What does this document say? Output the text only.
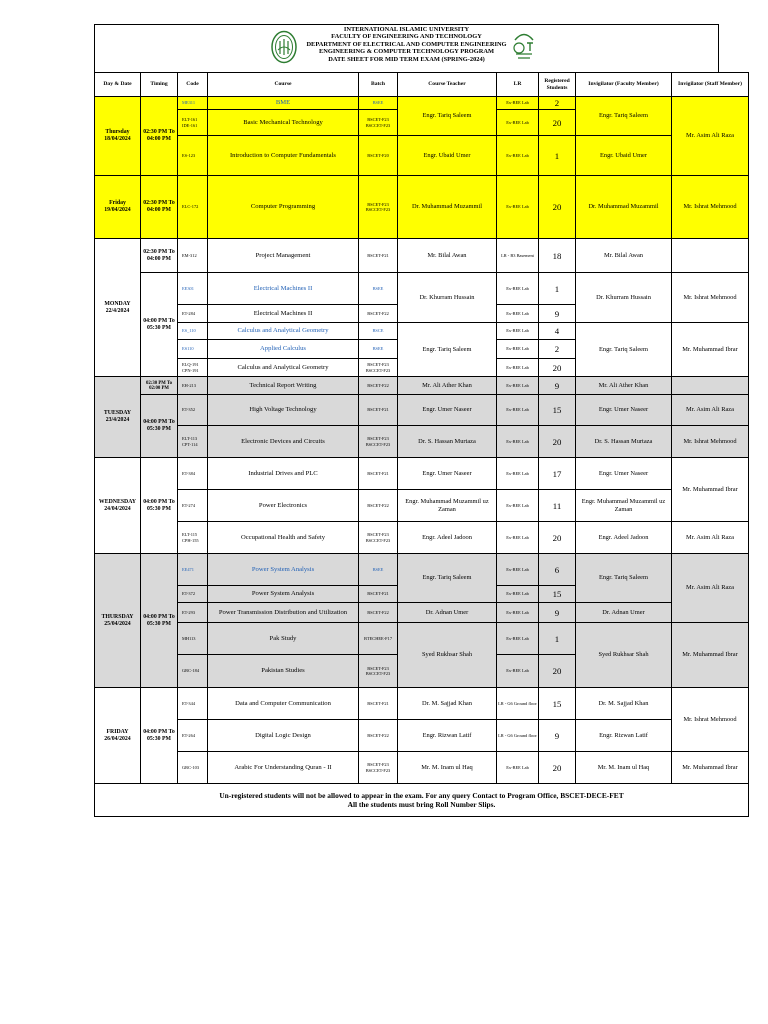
INTERNATIONAL ISLAMIC UNIVERSITY
FACULTY OF ENGINEERING AND TECHNOLOGY
DEPARTMENT OF ELECTRICAL AND COMPUTER ENGINEERING
ENGINEERING & COMPUTER TECHNOLOGY PROGRAM
DATE SHEET FOR MID TERM EXAM (SPRING-2024)
Day & Date	Timing	Code	Course	Batch	Course Teacher	LR	Registered Students	Invigilator (Faculty Member)	Invigilator (Staff Member)
Thursday
18/04/2024	02:30 PM To 04:00 PM	ME311	BME	BSEE	Engr. Tariq Saleem	Ex-BEE Lab	2	Engr. Tariq Saleem	Mr. Asim Ali Raza
		ELT-161 IDE-161	Basic Mechanical Technology	BSCET-F23 BSCCET-F23		Ex-BEE Lab	20		
		ES-123	Introduction to Computer Fundamentals	BSCET-F20	Engr. Ubaid Umer	Ex-BEE Lab	1	Engr. Ubaid Umer	
Friday
19/04/2024	02:30 PM To 04:00 PM	ELC-172	Computer Programming	BSCET-F23 BSCCET-F23	Dr. Muhammad Muzammil	Ex-BEE Lab	20	Dr. Muhammad Muzammil	Mr. Ishrat Mehmood
MONDAY
22/4/2024	02:30 PM To 04:00 PM	EM-312	Project Management	BSCET-F21	Mr. Bilal Awan	LR - B3 Basement	18	Mr. Bilal Awan	
	04:00 PM To 05:30 PM	EE301	Electrical Machines II	BSEE	Dr. Khurram Hussain	Ex-BEE Lab	1	Dr. Khurram Hussain	Mr. Ishrat Mehmood
		ET-284	Electrical Machines II	BSCET-F22		Ex-BEE Lab	9		
		ES_110	Calculus and Analytical Geometry	BSCE	Engr. Tariq Saleem	Ex-BEE Lab	4	Engr. Tariq Saleem	Mr. Muhammad Ibrar
		ES110	Applied Calculus	BSEE		Ex-BEE Lab	2		
		ELQ-191 CPN-191	Calculus and Analytical Geometry	BSCET-F23 BSCCET-F23		Ex-BEE Lab	20		
TUESDAY
23/4/2024	02:30 PM To 02:00 PM	EH-213	Technical Report Writing	BSCET-F22	Mr. Ali Ather Khan	Ex-BEE Lab	9	Mr. Ali Ather Khan	
	04:00 PM To 05:30 PM	ET-352	High Voltage Technology	BSCET-F21	Engr. Umer Naseer	Ex-BEE Lab	15	Engr. Umer Naseer	Mr. Asim Ali Raza
		ELT-113 CPT-114	Electronic Devices and Circuits	BSCET-F23 BSCCET-F23	Dr. S. Hassan Murtaza	Ex-BEE Lab	20	Dr. S. Hassan Murtaza	Mr. Ishrat Mehmood
WEDNESDAY
24/04/2024	04:00 PM To 05:30 PM	ET-384	Industrial Drives and PLC	BSCET-F21	Engr. Umer Naseer	Ex-BEE Lab	17	Engr. Umer Naseer	Mr. Muhammad Ibrar
		ET-274	Power Electronics	BSCET-F22	Engr. Muhammad Muzammil uz Zaman	Ex-BEE Lab	11	Engr. Muhammad Muzammil uz Zaman	
		ELT-115 CPH-155	Occupational Health and Safety	BSCET-F23 BSCCET-F23	Engr. Adeel Jadoon	Ex-BEE Lab	20	Engr. Adeel Jadoon	Mr. Asim Ali Raza
THURSDAY
25/04/2024	04:00 PM To 05:30 PM	EE471	Power System Analysis	BSEE	Engr. Tariq Saleem	Ex-BEE Lab	6	Engr. Tariq Saleem	Mr. Asim Ali Raza
		ET-372	Power System Analysis	BSCET-F21		Ex-BEE Lab	15		
		ET-293	Power Transmission Distribution and Utilization	BSCET-F22	Dr. Adnan Umer	Ex-BEE Lab	9	Dr. Adnan Umer	
		MH113	Pak Study	BTECHEE-F17	Syed Rukhsar Shah	Ex-BEE Lab	1	Syed Rukhsar Shah	Mr. Muhammad Ibrar
		GRC-184	Pakistan Studies	BSCET-F23 BSCCET-F23		Ex-BEE Lab	20		
FRIDAY
26/04/2024	04:00 PM To 05:30 PM	ET-344	Data and Computer Communication	BSCET-F21	Dr. M. Sajjad Khan	LR - G6 Ground floor	15	Dr. M. Sajjad Khan	Mr. Ishrat Mehmood
		ET-264	Digital Logic Design	BSCET-F22	Engr. Rizwan Latif	LR - G6 Ground floor	9	Engr. Rizwan Latif	
		GRC-103	Arabic For Understanding Quran - II	BSCET-F23 BSCCET-F23	Mr. M. Inam ul Haq	Ex-BEE Lab	20	Mr. M. Inam ul Haq	Mr. Muhammad Ibrar

Un-registered students will not be allowed to appear in the exam. For any query Contact to Program Office, BSCET-DECE-FET
All the students must bring Roll Number Slips.									
